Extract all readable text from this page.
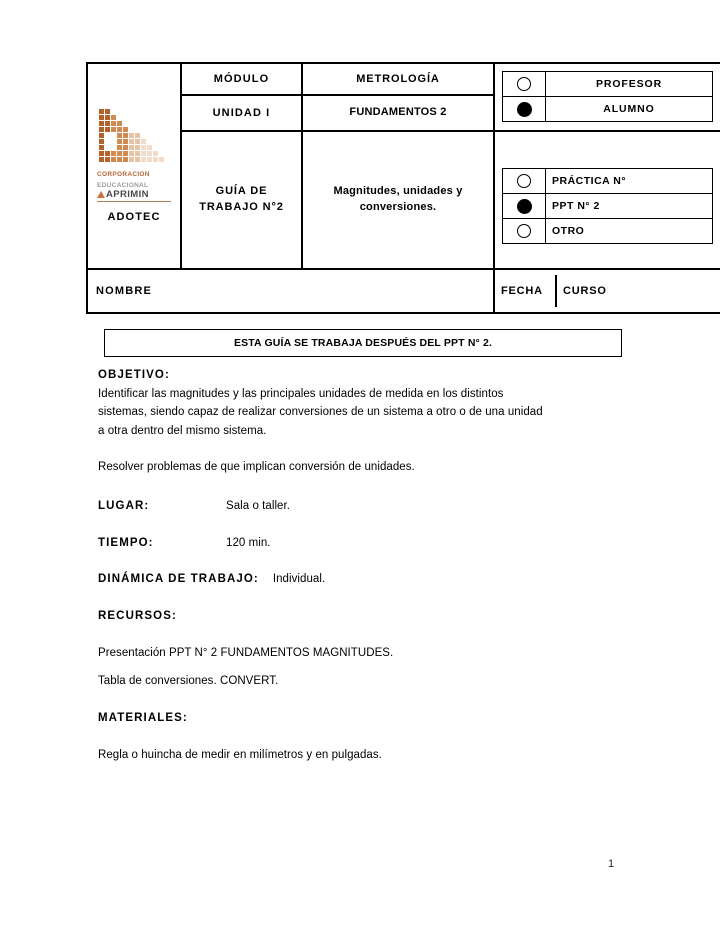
CORPORACION
EDUCACIONAL
APRIMIN
ADOTEC
	MÓDULO	METROLOGÍA	
		PROFESOR
	ALUMNO

UNIDAD I	FUNDAMENTOS 2
GUÍA DE
TRABAJO N°2	Magnitudes, unidades y
conversiones.	
	PRÁCTICA N°
	PPT N° 2
	OTRO

NOMBRE		FECHA	CURSO
ESTA GUÍA SE TRABAJA DESPUÉS DEL PPT N° 2.

OBJETIVO:

Identificar las magnitudes y las principales unidades de medida en los distintos

sistemas, siendo capaz de realizar conversiones de un sistema a otro o de una unidad

a otra dentro del mismo sistema.

Resolver problemas de que implican conversión de unidades.

LUGAR:	Sala o taller.
TIEMPO:	120 min.
DINÁMICA DE TRABAJO: Individual.

RECURSOS:

Presentación PPT N° 2 FUNDAMENTOS MAGNITUDES.

Tabla de conversiones. CONVERT.

MATERIALES:

Regla o huincha de medir en milímetros y en pulgadas.

1
